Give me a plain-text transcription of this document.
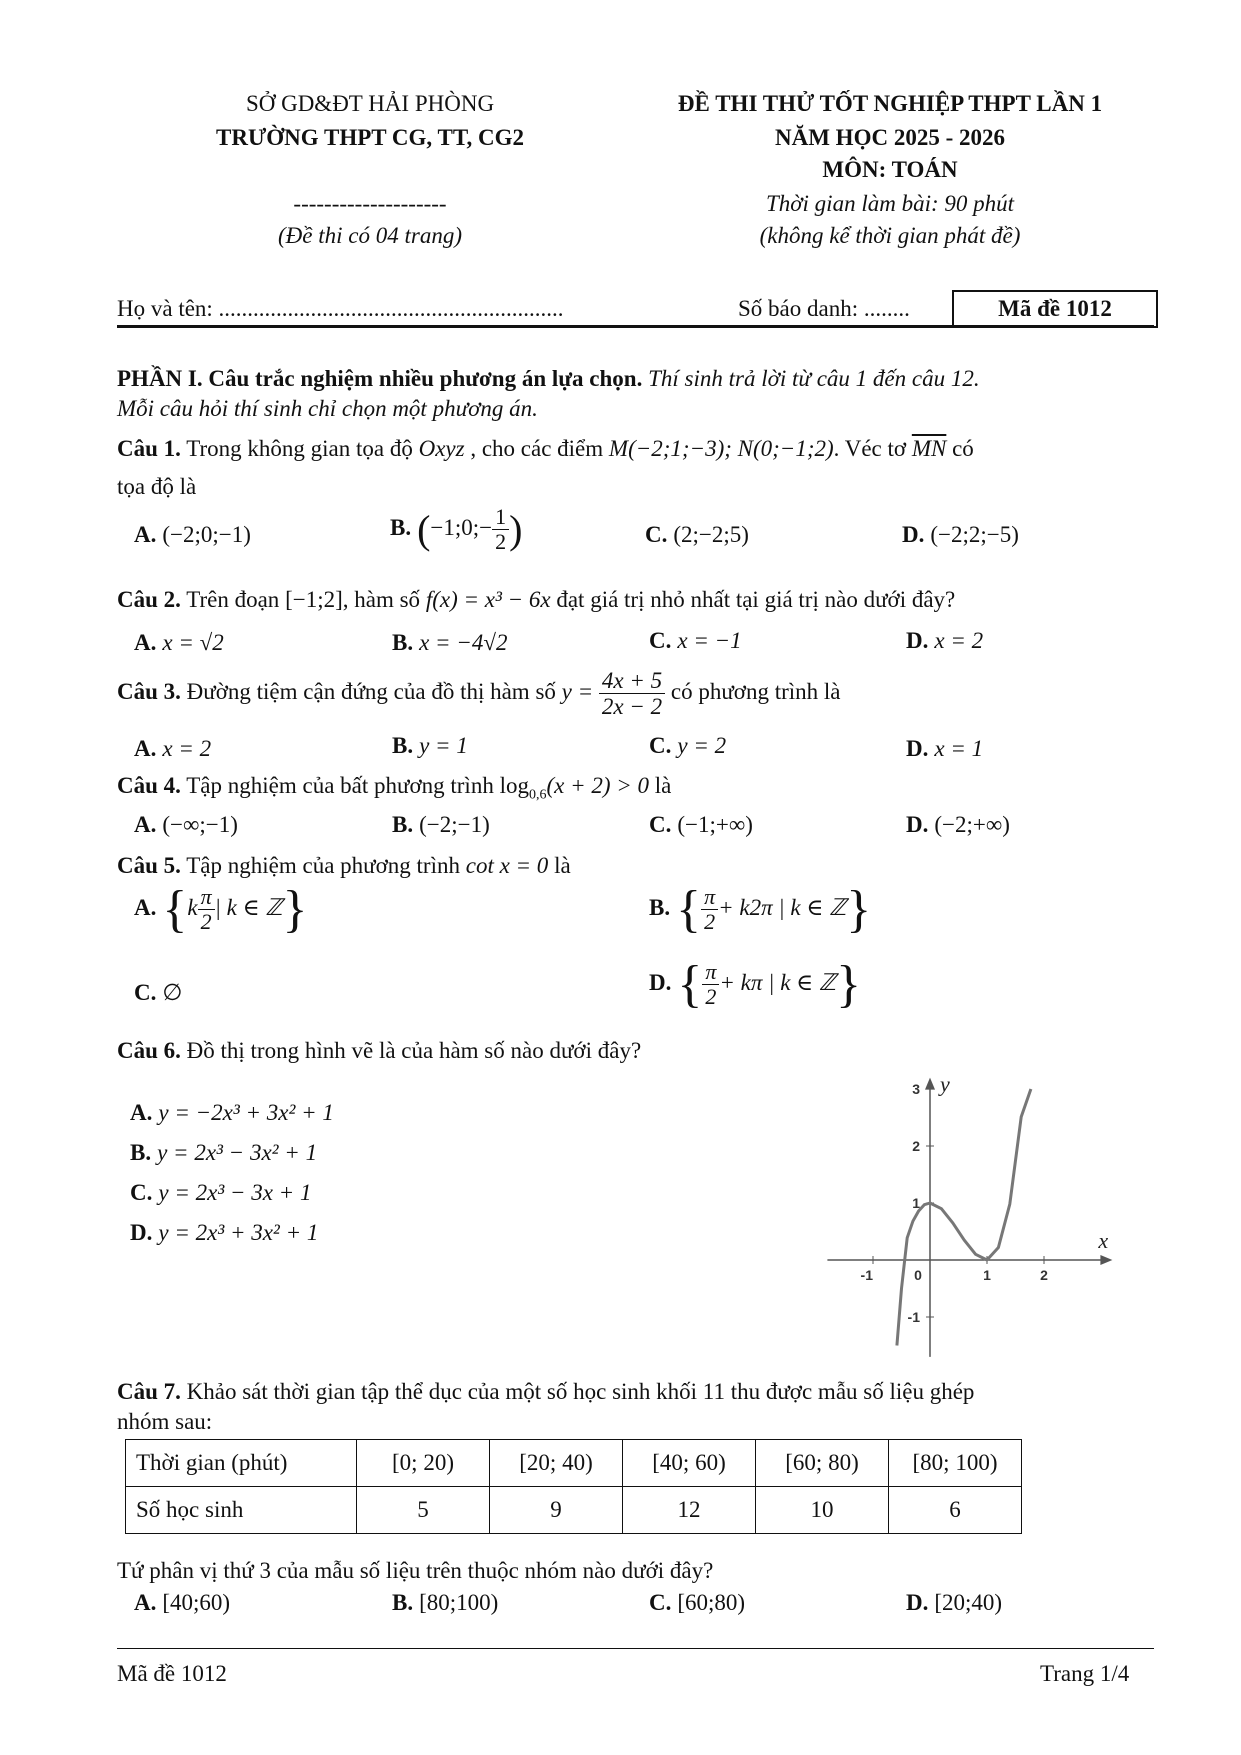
SỞ GD&ĐT HẢI PHÒNG
TRƯỜNG THPT CG, TT, CG2
--------------------
(Đề thi có 04 trang)
ĐỀ THI THỬ TỐT NGHIỆP THPT LẦN 1
NĂM HỌC 2025 - 2026
MÔN: TOÁN
Thời gian làm bài: 90 phút
(không kể thời gian phát đề)
Họ và tên: ............................................................	Số báo danh: ........	Mã đề 1012
PHẦN I. Câu trắc nghiệm nhiều phương án lựa chọn. Thí sinh trả lời từ câu 1 đến câu 12.
Mỗi câu hỏi thí sinh chỉ chọn một phương án.
Câu 1. Trong không gian tọa độ Oxyz , cho các điểm M(−2;1;−3); N(0;−1;2). Véc tơ $\overline{MN}$ có
tọa độ là
A. (−2;0;−1)	B. (−1;0;− $\frac{1}{2}$ )	C. (2;−2;5)	D. (−2;2;−5)
Câu 2. Trên đoạn [−1;2], hàm số f(x) = x³ − 6x đạt giá trị nhỏ nhất tại giá trị nào dưới đây?
A. x = √2	B. x = −4√2	C. x = −1	D. x = 2
Câu 3. Đường tiệm cận đứng của đồ thị hàm số $y = \frac{4x + 5}{2x - 2}$ có phương trình là
A. x = 2	B. y = 1	C. y = 2	D. x = 1
Câu 4. Tập nghiệm của bất phương trình $\log_{0,6}(x + 2) > 0$ là
A. (−∞;−1)	B. (−2;−1)	C. (−1;+∞)	D. (−2;+∞)
Câu 5. Tập nghiệm của phương trình cot x = 0 là
A. {$k \frac{\pi}{2}$ | k ∈ ℤ}	B. { $\frac{\pi}{2} + k2\pi$ | k ∈ ℤ}
C. ∅	D. { $\frac{\pi}{2} + k\pi$ | k ∈ ℤ}
Câu 6. Đồ thị trong hình vẽ là của hàm số nào dưới đây?
A. y = −2x³ + 3x² + 1
B. y = 2x³ − 3x² + 1
C. y = 2x³ − 3x + 1
D. y = 2x³ + 3x² + 1
-1	0	1	2
3
2
1
-1
x
y
Câu 7. Khảo sát thời gian tập thể dục của một số học sinh khối 11 thu được mẫu số liệu ghép
nhóm sau:
Thời gian (phút)	[0; 20)	[20; 40)	[40; 60)	[60; 80)	[80; 100)
Số học sinh	5	9	12	10	6
Tứ phân vị thứ 3 của mẫu số liệu trên thuộc nhóm nào dưới đây?
A. [40;60)	B. [80;100)	C. [60;80)	D. [20;40)
Mã đề 1012	Trang 1/4
